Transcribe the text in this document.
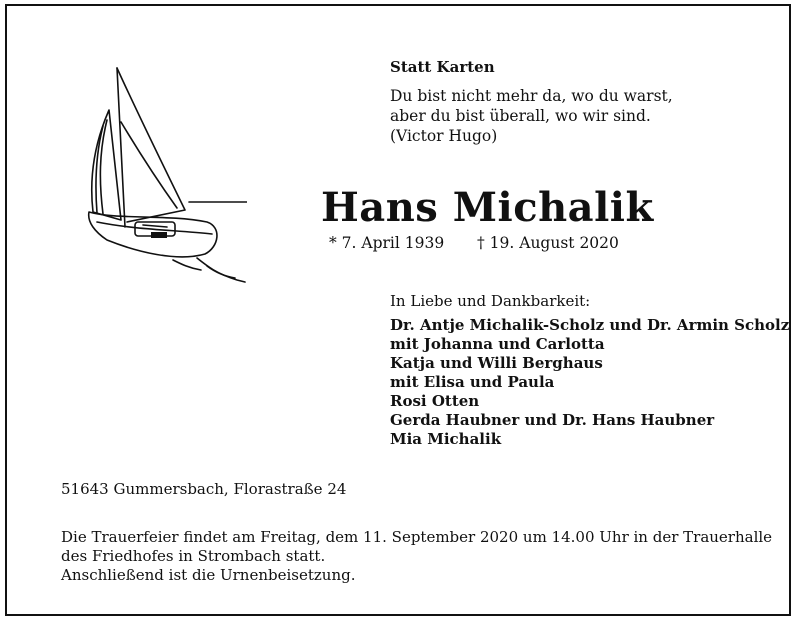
Statt Karten
Du bist nicht mehr da, wo du warst,
aber du bist überall, wo wir sind.
(Victor Hugo)
Hans Michalik
* 7. April 1939 † 19. August 2020
In Liebe und Dankbarkeit:
Dr. Antje Michalik-Scholz und Dr. Armin Scholz
mit Johanna und Carlotta
Katja und Willi Berghaus
mit Elisa und Paula
Rosi Otten
Gerda Haubner und Dr. Hans Haubner
Mia Michalik
51643 Gummersbach, Florastraße 24
Die Trauerfeier findet am Freitag, dem 11. September 2020 um 14.00 Uhr in der Trauerhalle
des Friedhofes in Strombach statt.
Anschließend ist die Urnenbeisetzung.
